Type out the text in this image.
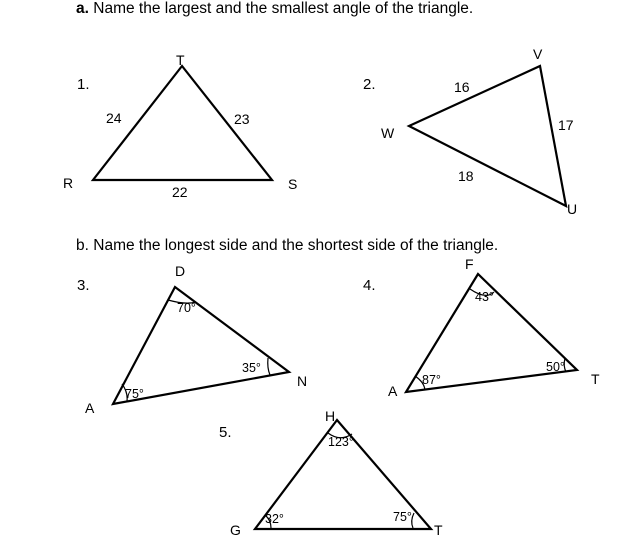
a. Name the largest and the smallest angle of the triangle.
b. Name the longest side and the shortest side of the triangle.
1.	2.
3.	4.
5.
T
R	S
24	23
22
V
W
U
16
17
18
D
A
N
70°
75°
35°
F
A
T
43°
87°
50°
H
G	T
123°
32°	75°
